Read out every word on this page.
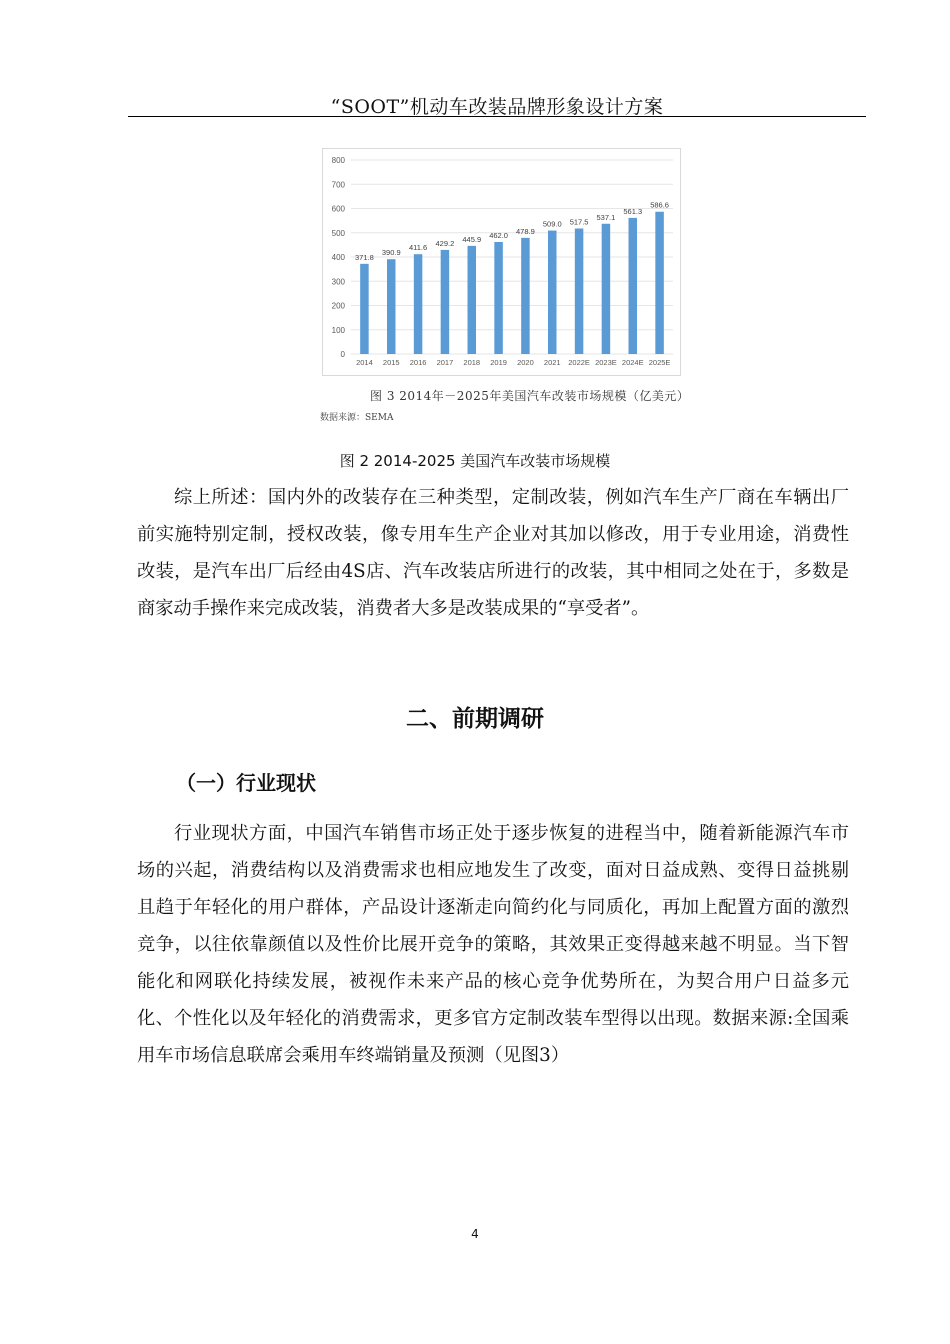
“SOOT”机动车改装品牌形象设计方案
0
100
200
300
400
500
600
700
800
371.8
2014
390.9
2015
411.6
2016
429.2
2017
445.9
2018
462.0
2019
478.9
2020
509.0
2021
517.5
2022E
537.1
2023E
561.3
2024E
586.6
2025E
图 3 2014年－2025年美国汽车改装市场规模（亿美元）
数据来源：SEMA
图 2 2014-2025 美国汽车改装市场规模

综上所述：国内外的改装存在三种类型，定制改装，例如汽车生产厂商在车辆出厂前实施特别定制，授权改装，像专用车生产企业对其加以修改，用于专业用途，消费性改装，是汽车出厂后经由4S店、汽车改装店所进行的改装，其中相同之处在于，多数是商家动手操作来完成改装，消费者大多是改装成果的“享受者”。

二、前期调研
（一）行业现状

行业现状方面，中国汽车销售市场正处于逐步恢复的进程当中，随着新能源汽车市场的兴起，消费结构以及消费需求也相应地发生了改变，面对日益成熟、变得日益挑剔且趋于年轻化的用户群体，产品设计逐渐走向简约化与同质化，再加上配置方面的激烈竞争，以往依靠颜值以及性价比展开竞争的策略，其效果正变得越来越不明显。当下智能化和网联化持续发展，被视作未来产品的核心竞争优势所在，为契合用户日益多元化、个性化以及年轻化的消费需求，更多官方定制改装车型得以出现。数据来源:全国乘用车市场信息联席会乘用车终端销量及预测（见图3）

4
